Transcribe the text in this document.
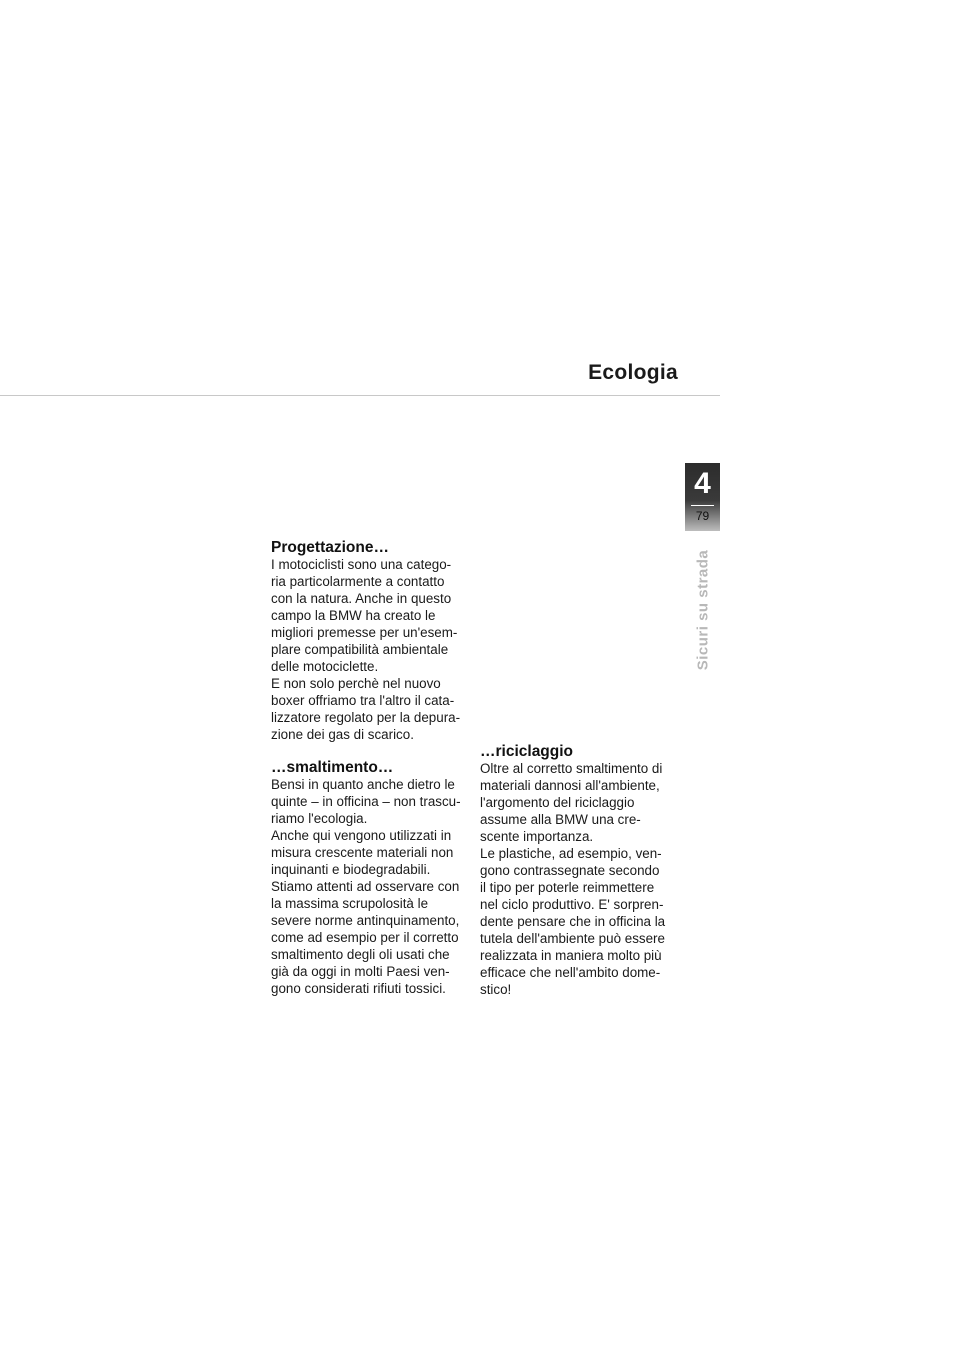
Ecologia
4
79
Sicuri su strada
Progettazione…
I motociclisti sono una catego-
ria particolarmente a contatto
con la natura. Anche in questo
campo la BMW ha creato le
migliori premesse per un'esem-
plare compatibilità ambientale
delle motociclette.
E non solo perchè nel nuovo
boxer offriamo tra l'altro il cata-
lizzatore regolato per la depura-
zione dei gas di scarico.
…smaltimento…
Bensi in quanto anche dietro le
quinte – in officina – non trascu-
riamo l'ecologia.
Anche qui vengono utilizzati in
misura crescente materiali non
inquinanti e biodegradabili.
Stiamo attenti ad osservare con
la massima scrupolosità le
severe norme antinquinamento,
come ad esempio per il corretto
smaltimento degli oli usati che
già da oggi in molti Paesi ven-
gono considerati rifiuti tossici.
…riciclaggio
Oltre al corretto smaltimento di
materiali dannosi all'ambiente,
l'argomento del riciclaggio
assume alla BMW una cre-
scente importanza.
Le plastiche, ad esempio, ven-
gono contrassegnate secondo
il tipo per poterle reimmettere
nel ciclo produttivo. E' sorpren-
dente pensare che in officina la
tutela dell'ambiente può essere
realizzata in maniera molto più
efficace che nell'ambito dome-
stico!
